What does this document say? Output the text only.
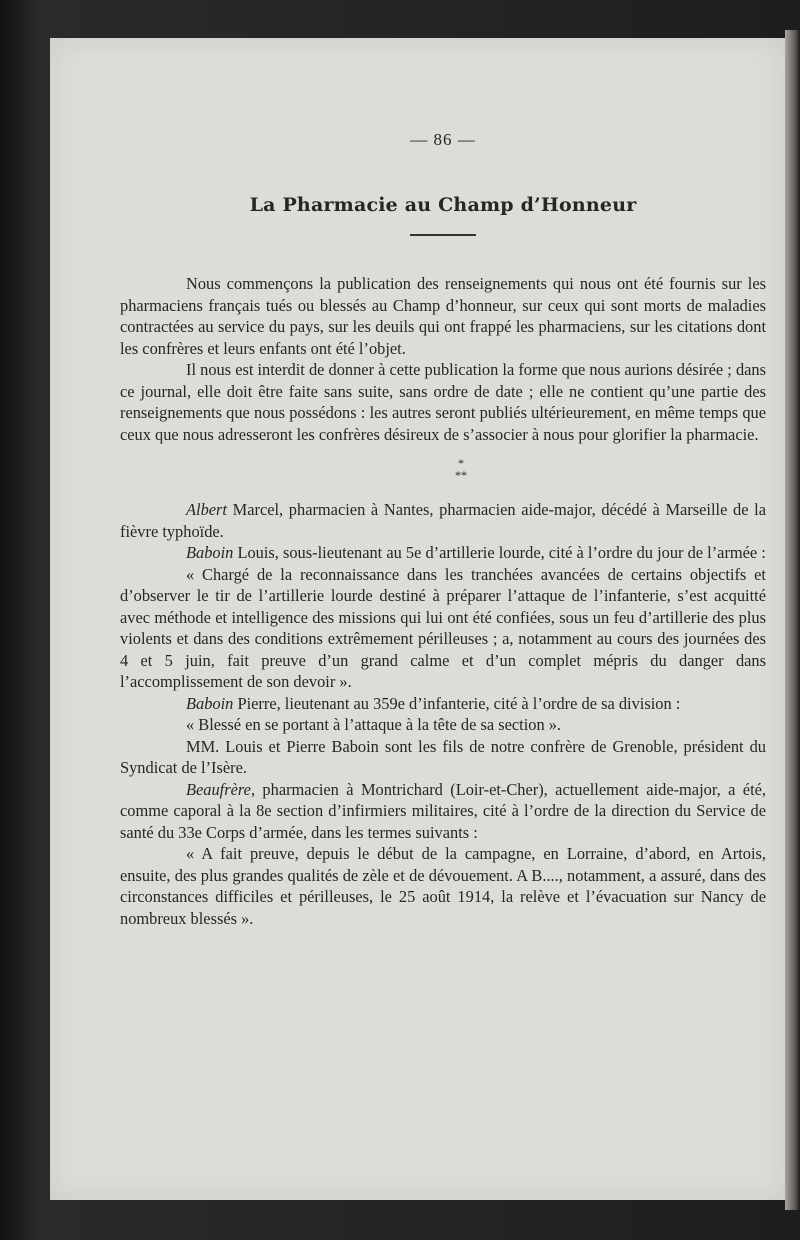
— 86 —
La Pharmacie au Champ d’Honneur

Nous commençons la publication des renseignements qui nous ont été fournis sur les pharmaciens français tués ou blessés au Champ d’honneur, sur ceux qui sont morts de maladies contractées au service du pays, sur les deuils qui ont frappé les pharmaciens, sur les citations dont les confrères et leurs enfants ont été l’objet.

Il nous est interdit de donner à cette publication la forme que nous aurions désirée ; dans ce journal, elle doit être faite sans suite, sans ordre de date ; elle ne contient qu’une partie des renseignements que nous possédons : les autres seront publiés ultérieurement, en même temps que ceux que nous adresseront les confrères désireux de s’associer à nous pour glorifier la pharmacie.

*
**

Albert Marcel, pharmacien à Nantes, pharmacien aide-major, décédé à Marseille de la fièvre typhoïde.

Baboin Louis, sous-lieutenant au 5e d’artillerie lourde, cité à l’ordre du jour de l’armée :

« Chargé de la reconnaissance dans les tranchées avancées de certains objectifs et d’observer le tir de l’artillerie lourde destiné à préparer l’attaque de l’infanterie, s’est acquitté avec méthode et intelligence des missions qui lui ont été confiées, sous un feu d’artillerie des plus violents et dans des conditions extrêmement périlleuses ; a, notamment au cours des journées des 4 et 5 juin, fait preuve d’un grand calme et d’un complet mépris du danger dans l’accomplissement de son devoir ».

Baboin Pierre, lieutenant au 359e d’infanterie, cité à l’ordre de sa division :

« Blessé en se portant à l’attaque à la tête de sa section ».

MM. Louis et Pierre Baboin sont les fils de notre confrère de Grenoble, président du Syndicat de l’Isère.

Beaufrère, pharmacien à Montrichard (Loir-et-Cher), actuellement aide-major, a été, comme caporal à la 8e section d’infirmiers militaires, cité à l’ordre de la direction du Service de santé du 33e Corps d’armée, dans les termes suivants :

« A fait preuve, depuis le début de la campagne, en Lorraine, d’abord, en Artois, ensuite, des plus grandes qualités de zèle et de dévouement. A B...., notamment, a assuré, dans des circonstances difficiles et périlleuses, le 25 août 1914, la relève et l’évacuation sur Nancy de nombreux blessés ».
